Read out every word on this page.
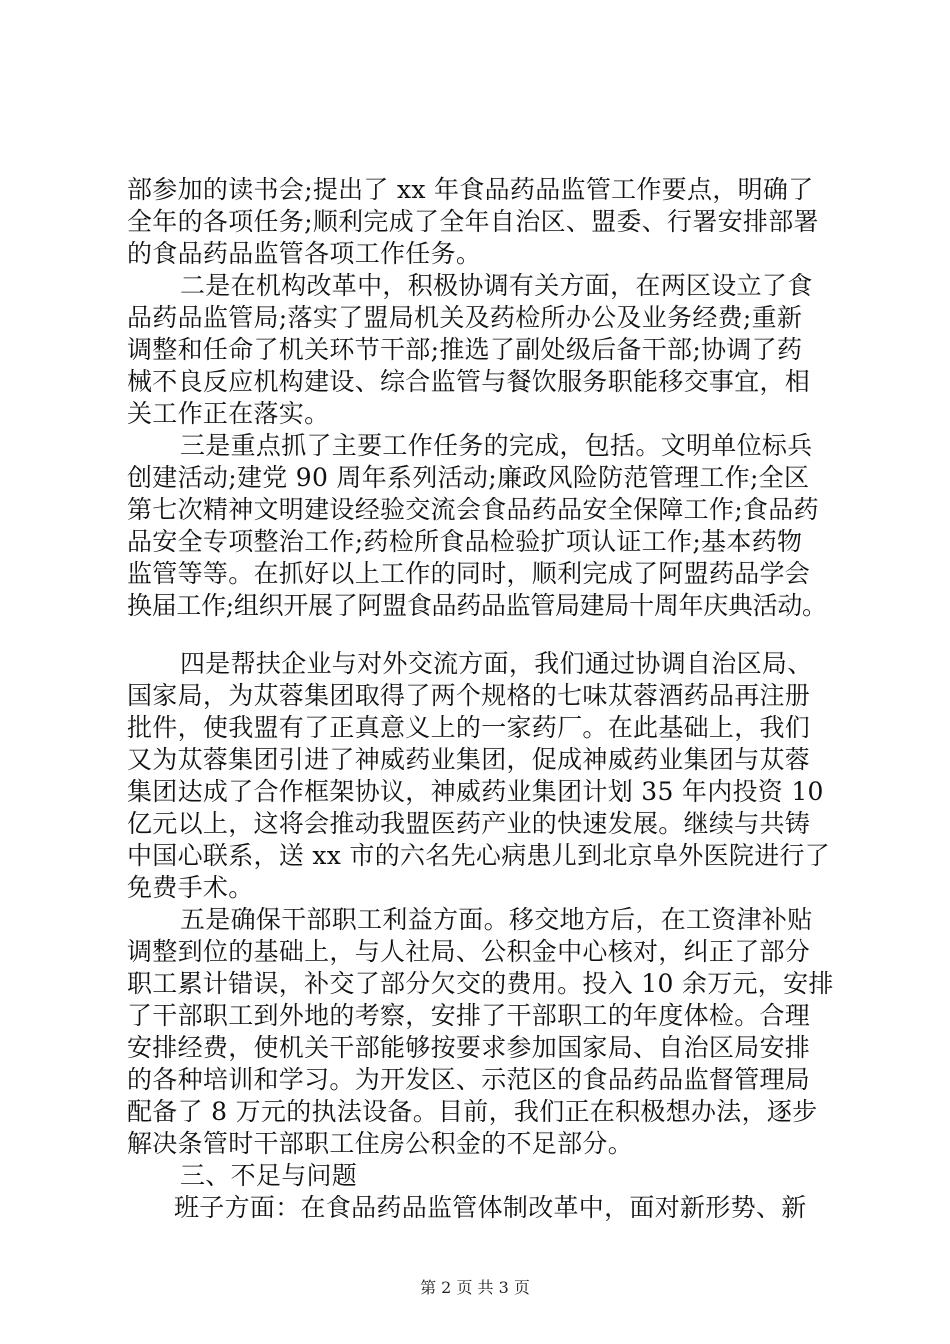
部参加的读书会;提出了 xx 年食品药品监管工作要点，明确了
全年的各项任务;顺利完成了全年自治区、盟委、行署安排部署
的食品药品监管各项工作任务。
二是在机构改革中，积极协调有关方面，在两区设立了食
品药品监管局;落实了盟局机关及药检所办公及业务经费;重新
调整和任命了机关环节干部;推选了副处级后备干部;协调了药
械不良反应机构建设、综合监管与餐饮服务职能移交事宜，相
关工作正在落实。
三是重点抓了主要工作任务的完成，包括。文明单位标兵
创建活动;建党 90 周年系列活动;廉政风险防范管理工作;全区
第七次精神文明建设经验交流会食品药品安全保障工作;食品药
品安全专项整治工作;药检所食品检验扩项认证工作;基本药物
监管等等。在抓好以上工作的同时，顺利完成了阿盟药品学会
换届工作;组织开展了阿盟食品药品监管局建局十周年庆典活动。
四是帮扶企业与对外交流方面，我们通过协调自治区局、
国家局，为苁蓉集团取得了两个规格的七味苁蓉酒药品再注册
批件，使我盟有了正真意义上的一家药厂。在此基础上，我们
又为苁蓉集团引进了神威药业集团，促成神威药业集团与苁蓉
集团达成了合作框架协议，神威药业集团计划 35 年内投资 10
亿元以上，这将会推动我盟医药产业的快速发展。继续与共铸
中国心联系，送 xx 市的六名先心病患儿到北京阜外医院进行了
免费手术。
五是确保干部职工利益方面。移交地方后，在工资津补贴
调整到位的基础上，与人社局、公积金中心核对，纠正了部分
职工累计错误，补交了部分欠交的费用。投入 10 余万元，安排
了干部职工到外地的考察，安排了干部职工的年度体检。合理
安排经费，使机关干部能够按要求参加国家局、自治区局安排
的各种培训和学习。为开发区、示范区的食品药品监督管理局
配备了 8 万元的执法设备。目前，我们正在积极想办法，逐步
解决条管时干部职工住房公积金的不足部分。
三、不足与问题
班子方面：在食品药品监管体制改革中，面对新形势、新
第 2 页 共 3 页
